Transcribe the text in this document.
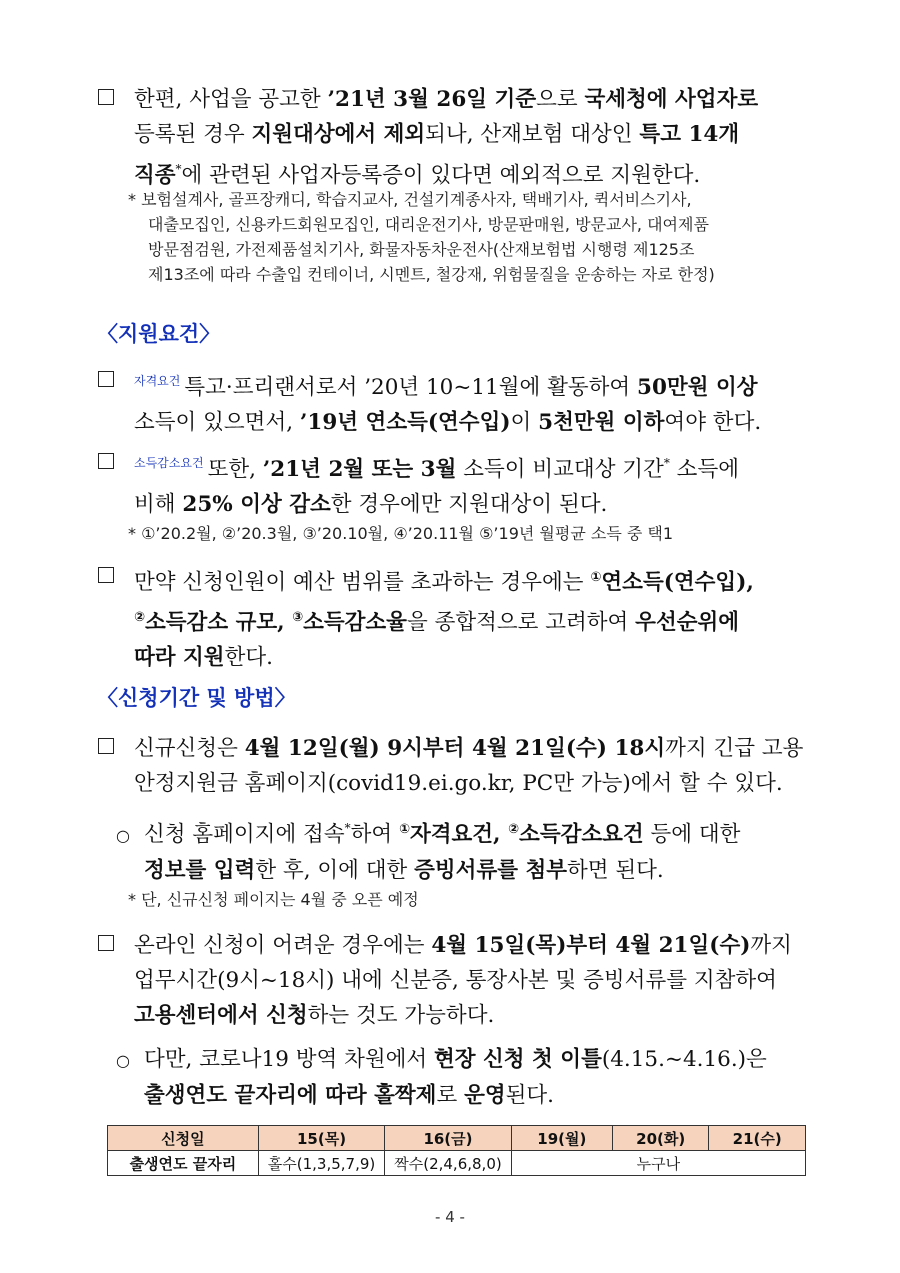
한편, 사업을 공고한 ’21년 3월 26일 기준으로 국세청에 사업자로
등록된 경우 지원대상에서 제외되나, 산재보험 대상인 특고 14개
직종*에 관련된 사업자등록증이 있다면 예외적으로 지원한다.
* 보험설계사, 골프장캐디, 학습지교사, 건설기계종사자, 택배기사, 퀵서비스기사,
대출모집인, 신용카드회원모집인, 대리운전기사, 방문판매원, 방문교사, 대여제품
방문점검원, 가전제품설치기사, 화물자동차운전사(산재보험법 시행령 제125조
제13조에 따라 수출입 컨테이너, 시멘트, 철강재, 위험물질을 운송하는 자로 한정)
〈지원요건〉
$^{자격요건}$ 특고·프리랜서로서 ’20년 10~11월에 활동하여 50만원 이상
소득이 있으면서, ’19년 연소득(연수입)이 5천만원 이하여야 한다.
$^{소득감소요건}$ 또한, ’21년 2월 또는 3월 소득이 비교대상 기간* 소득에
비해 25% 이상 감소한 경우에만 지원대상이 된다.
* ①’20.2월, ②’20.3월, ③’20.10월, ④’20.11월 ⑤’19년 월평균 소득 중 택1
만약 신청인원이 예산 범위를 초과하는 경우에는 ①연소득(연수입),
②소득감소 규모, ③소득감소율을 종합적으로 고려하여 우선순위에
따라 지원한다.
〈신청기간 및 방법〉
신규신청은 4월 12일(월) 9시부터 4월 21일(수) 18시까지 긴급 고용
안정지원금 홈페이지(covid19.ei.go.kr, PC만 가능)에서 할 수 있다.
○ 신청 홈페이지에 접속*하여 ①자격요건, ②소득감소요건 등에 대한
정보를 입력한 후, 이에 대한 증빙서류를 첨부하면 된다.
* 단, 신규신청 페이지는 4월 중 오픈 예정
온라인 신청이 어려운 경우에는 4월 15일(목)부터 4월 21일(수)까지
업무시간(9시~18시) 내에 신분증, 통장사본 및 증빙서류를 지참하여
고용센터에서 신청하는 것도 가능하다.
○ 다만, 코로나19 방역 차원에서 현장 신청 첫 이틀(4.15.~4.16.)은
출생연도 끝자리에 따라 홀짝제로 운영된다.
신청일	15(목)	16(금)	19(월)	20(화)	21(수)
출생연도 끝자리	홀수(1,3,5,7,9)	짝수(2,4,6,8,0)	누구나		
- 4 -
